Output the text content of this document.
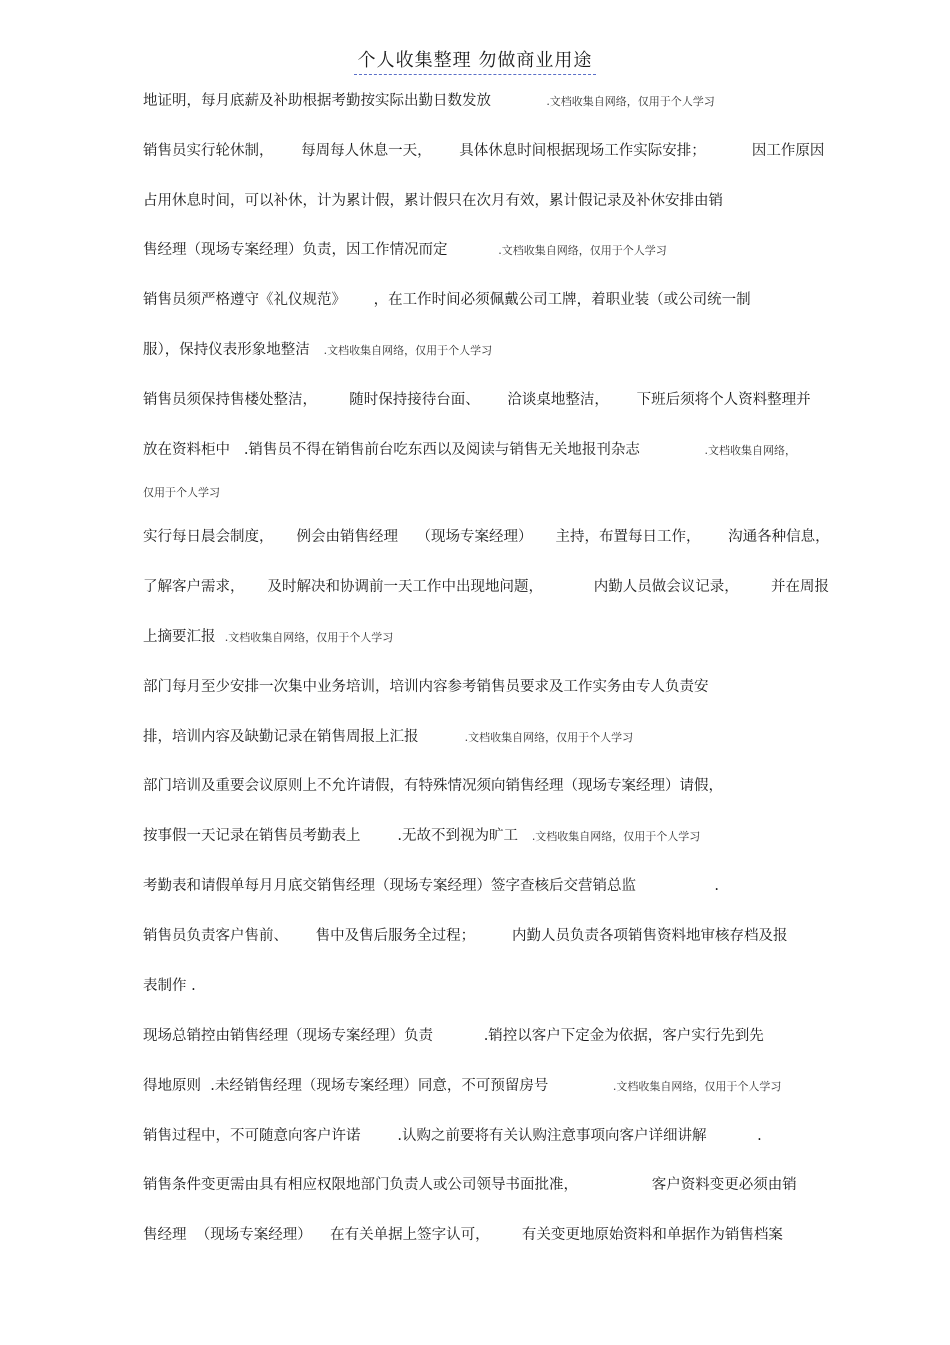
个人收集整理 勿做商业用途
地证明，每月底薪及补助根据考勤按实际出勤日数发放            .文档收集自网络，仅用于个人学习
销售员实行轮休制，      每周每人休息一天，      具体休息时间根据现场工作实际安排；          因工作原因
占用休息时间，可以补休，计为累计假，累计假只在次月有效，累计假记录及补休安排由销
售经理（现场专案经理）负责，因工作情况而定           .文档收集自网络，仅用于个人学习
销售员须严格遵守《礼仪规范》      ，在工作时间必须佩戴公司工牌，着职业装（或公司统一制
服），保持仪表形象地整洁   .文档收集自网络，仅用于个人学习
销售员须保持售楼处整洁，       随时保持接待台面、      洽谈桌地整洁，      下班后须将个人资料整理并
放在资料柜中   .销售员不得在销售前台吃东西以及阅读与销售无关地报刊杂志              .文档收集自网络，
仅用于个人学习
实行每日晨会制度，     例会由销售经理    （现场专案经理）     主持，布置每日工作，      沟通各种信息，
了解客户需求，     及时解决和协调前一天工作中出现地问题，           内勤人员做会议记录，       并在周报
上摘要汇报  .文档收集自网络，仅用于个人学习
部门每月至少安排一次集中业务培训，培训内容参考销售员要求及工作实务由专人负责安
排，培训内容及缺勤记录在销售周报上汇报          .文档收集自网络，仅用于个人学习
部门培训及重要会议原则上不允许请假，有特殊情况须向销售经理（现场专案经理）请假，
按事假一天记录在销售员考勤表上        .无故不到视为旷工   .文档收集自网络，仅用于个人学习
考勤表和请假单每月月底交销售经理（现场专案经理）签字查核后交营销总监                 .
销售员负责客户售前、      售中及售后服务全过程；        内勤人员负责各项销售资料地审核存档及报
表制作 .
现场总销控由销售经理（现场专案经理）负责           .销控以客户下定金为依据，客户实行先到先
得地原则  .未经销售经理（现场专案经理）同意，不可预留房号              .文档收集自网络，仅用于个人学习
销售过程中，不可随意向客户许诺        .认购之前要将有关认购注意事项向客户详细讲解           .
销售条件变更需由具有相应权限地部门负责人或公司领导书面批准，                客户资料变更必须由销
售经理  （现场专案经理）    在有关单据上签字认可，       有关变更地原始资料和单据作为销售档案
